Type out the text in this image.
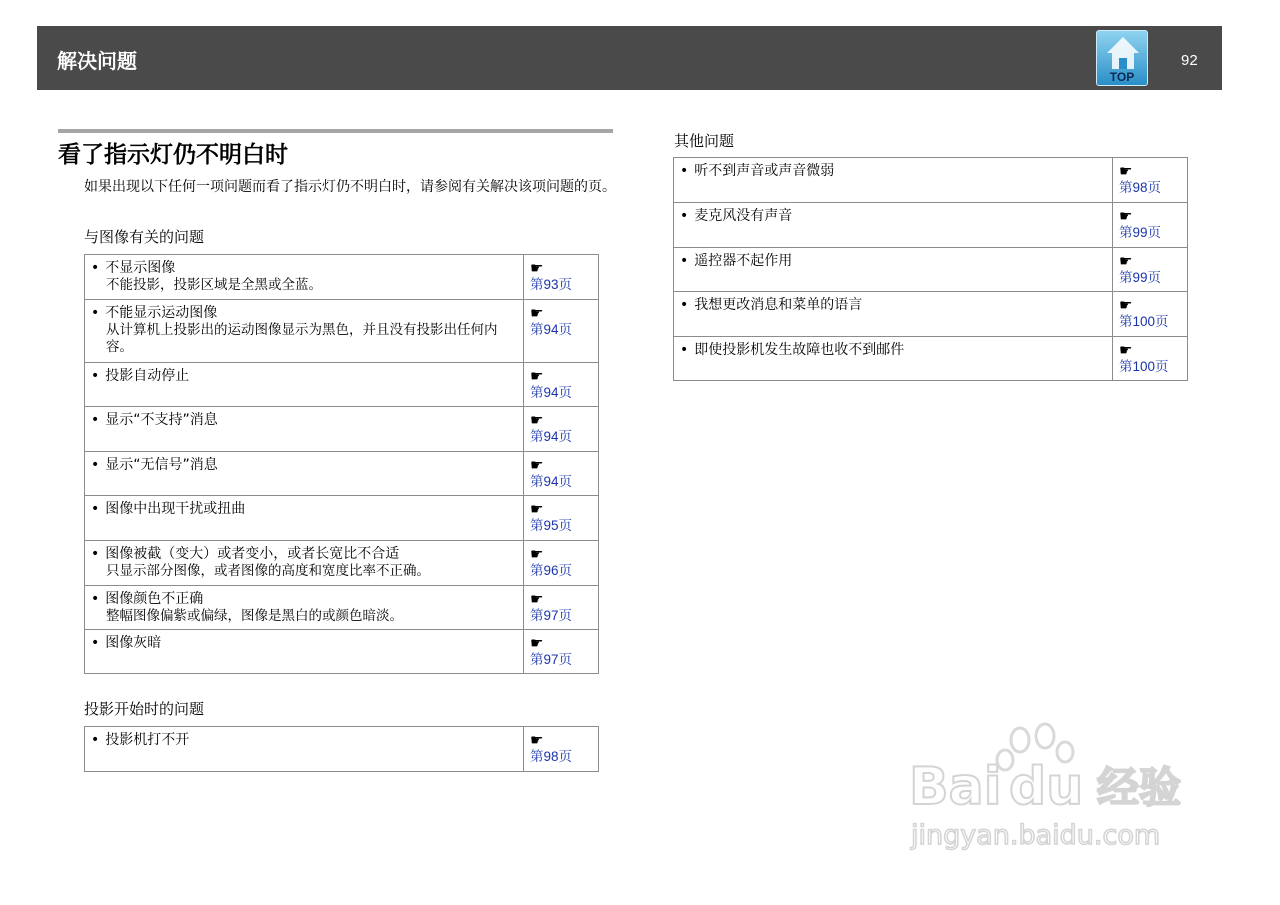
解决问题
TOP
92
看了指示灯仍不明白时
如果出现以下任何一项问题而看了指示灯仍不明白时，请参阅有关解决该项问题的页。
与图像有关的问题
• 不显示图像
不能投影，投影区域是全黑或全蓝。	☛
第93页

• 不能显示运动图像
从计算机上投影出的运动图像显示为黑色，并且没有投影出任何内容。	☛
第94页

• 投影自动停止	☛
第94页

• 显示“不支持”消息	☛
第94页

• 显示“无信号”消息	☛
第94页

• 图像中出现干扰或扭曲	☛
第95页

• 图像被截（变大）或者变小，或者长宽比不合适
只显示部分图像，或者图像的高度和宽度比率不正确。	☛
第96页

• 图像颜色不正确
整幅图像偏紫或偏绿，图像是黑白的或颜色暗淡。	☛
第97页

• 图像灰暗	☛
第97页
投影开始时的问题
• 投影机打不开	☛
第98页
其他问题
• 听不到声音或声音微弱	☛
第98页

• 麦克风没有声音	☛
第99页

• 遥控器不起作用	☛
第99页

• 我想更改消息和菜单的语言	☛
第100页

• 即使投影机发生故障也收不到邮件	☛
第100页
Bai du 经验
jingyan.baidu.com
